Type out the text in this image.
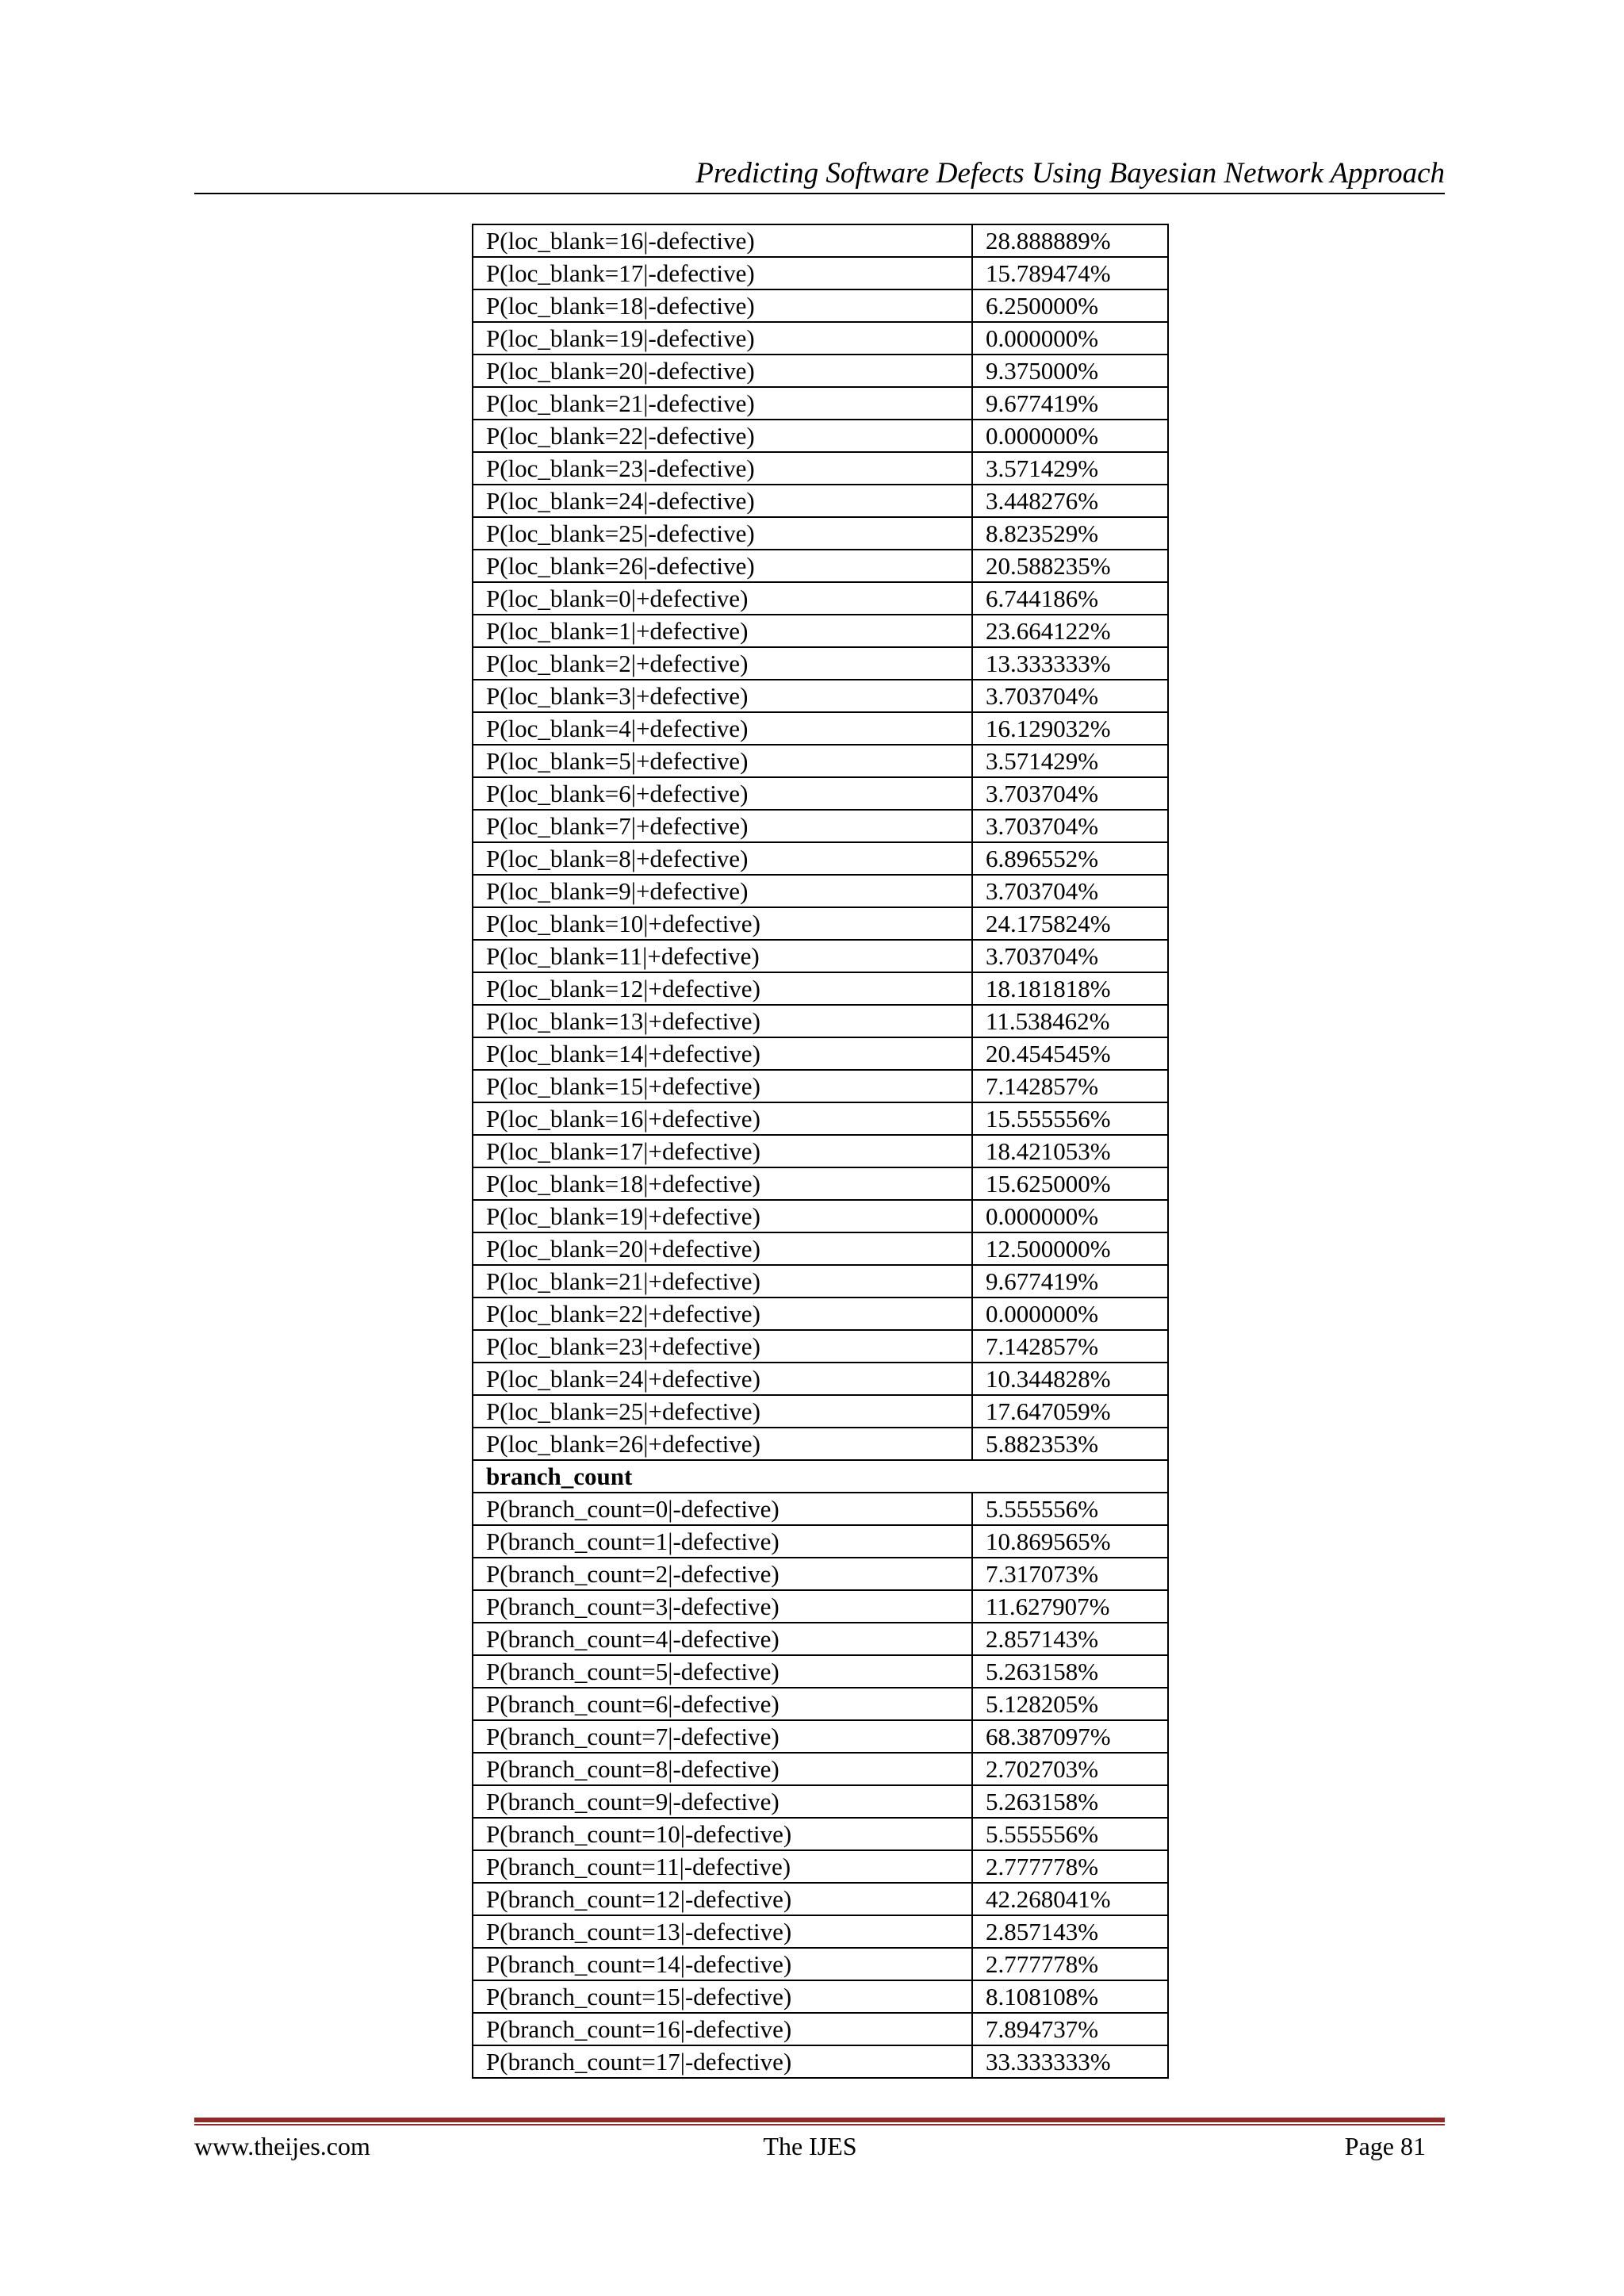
Predicting Software Defects Using Bayesian Network Approach
P(loc_blank=16|-defective)	28.888889%
P(loc_blank=17|-defective)	15.789474%
P(loc_blank=18|-defective)	6.250000%
P(loc_blank=19|-defective)	0.000000%
P(loc_blank=20|-defective)	9.375000%
P(loc_blank=21|-defective)	9.677419%
P(loc_blank=22|-defective)	0.000000%
P(loc_blank=23|-defective)	3.571429%
P(loc_blank=24|-defective)	3.448276%
P(loc_blank=25|-defective)	8.823529%
P(loc_blank=26|-defective)	20.588235%
P(loc_blank=0|+defective)	6.744186%
P(loc_blank=1|+defective)	23.664122%
P(loc_blank=2|+defective)	13.333333%
P(loc_blank=3|+defective)	3.703704%
P(loc_blank=4|+defective)	16.129032%
P(loc_blank=5|+defective)	3.571429%
P(loc_blank=6|+defective)	3.703704%
P(loc_blank=7|+defective)	3.703704%
P(loc_blank=8|+defective)	6.896552%
P(loc_blank=9|+defective)	3.703704%
P(loc_blank=10|+defective)	24.175824%
P(loc_blank=11|+defective)	3.703704%
P(loc_blank=12|+defective)	18.181818%
P(loc_blank=13|+defective)	11.538462%
P(loc_blank=14|+defective)	20.454545%
P(loc_blank=15|+defective)	7.142857%
P(loc_blank=16|+defective)	15.555556%
P(loc_blank=17|+defective)	18.421053%
P(loc_blank=18|+defective)	15.625000%
P(loc_blank=19|+defective)	0.000000%
P(loc_blank=20|+defective)	12.500000%
P(loc_blank=21|+defective)	9.677419%
P(loc_blank=22|+defective)	0.000000%
P(loc_blank=23|+defective)	7.142857%
P(loc_blank=24|+defective)	10.344828%
P(loc_blank=25|+defective)	17.647059%
P(loc_blank=26|+defective)	5.882353%
branch_count	
P(branch_count=0|-defective)	5.555556%
P(branch_count=1|-defective)	10.869565%
P(branch_count=2|-defective)	7.317073%
P(branch_count=3|-defective)	11.627907%
P(branch_count=4|-defective)	2.857143%
P(branch_count=5|-defective)	5.263158%
P(branch_count=6|-defective)	5.128205%
P(branch_count=7|-defective)	68.387097%
P(branch_count=8|-defective)	2.702703%
P(branch_count=9|-defective)	5.263158%
P(branch_count=10|-defective)	5.555556%
P(branch_count=11|-defective)	2.777778%
P(branch_count=12|-defective)	42.268041%
P(branch_count=13|-defective)	2.857143%
P(branch_count=14|-defective)	2.777778%
P(branch_count=15|-defective)	8.108108%
P(branch_count=16|-defective)	7.894737%
P(branch_count=17|-defective)	33.333333%
www.theijes.com	The IJES	Page 81
